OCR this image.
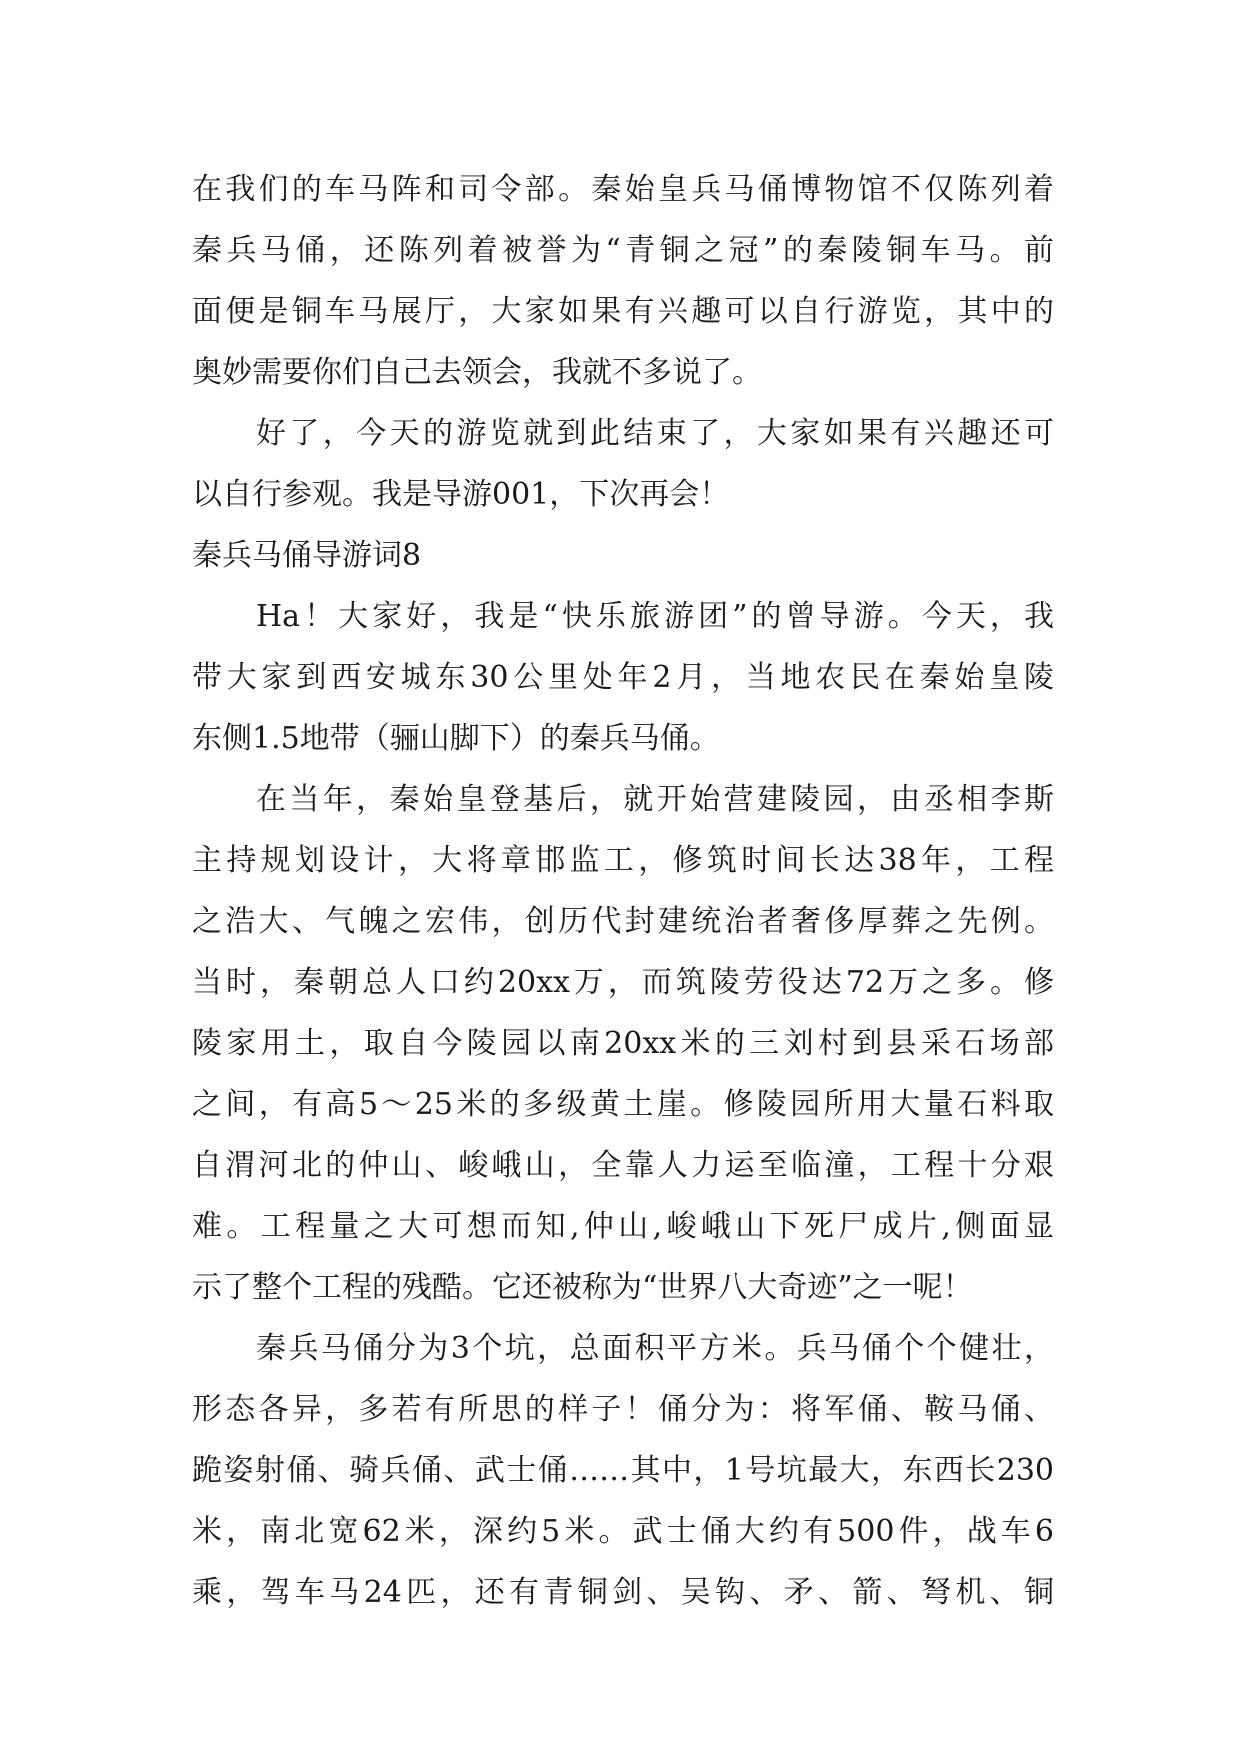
在我们的车马阵和司令部。秦始皇兵马俑博物馆不仅陈列着
秦兵马俑，还陈列着被誉为“青铜之冠”的秦陵铜车马。前
面便是铜车马展厅，大家如果有兴趣可以自行游览，其中的
奥妙需要你们自己去领会，我就不多说了。
好了，今天的游览就到此结束了，大家如果有兴趣还可
以自行参观。我是导游001，下次再会！
秦兵马俑导游词8
Ha！大家好，我是“快乐旅游团”的曾导游。今天，我
带大家到西安城东30公里处年2月，当地农民在秦始皇陵
东侧1.5地带（骊山脚下）的秦兵马俑。
在当年，秦始皇登基后，就开始营建陵园，由丞相李斯
主持规划设计，大将章邯监工，修筑时间长达38年，工程
之浩大、气魄之宏伟，创历代封建统治者奢侈厚葬之先例。
当时，秦朝总人口约20xx万，而筑陵劳役达72万之多。修
陵家用土，取自今陵园以南20xx米的三刘村到县采石场部
之间，有高5～25米的多级黄土崖。修陵园所用大量石料取
自渭河北的仲山、峻峨山，全靠人力运至临潼，工程十分艰
难。工程量之大可想而知,仲山,峻峨山下死尸成片,侧面显
示了整个工程的残酷。它还被称为“世界八大奇迹”之一呢！
秦兵马俑分为3个坑，总面积平方米。兵马俑个个健壮，
形态各异，多若有所思的样子！俑分为：将军俑、鞍马俑、
跪姿射俑、骑兵俑、武士俑……其中，1号坑最大，东西长230
米，南北宽62米，深约5米。武士俑大约有500件，战车6
乘，驾车马24匹，还有青铜剑、吴钩、矛、箭、弩机、铜
